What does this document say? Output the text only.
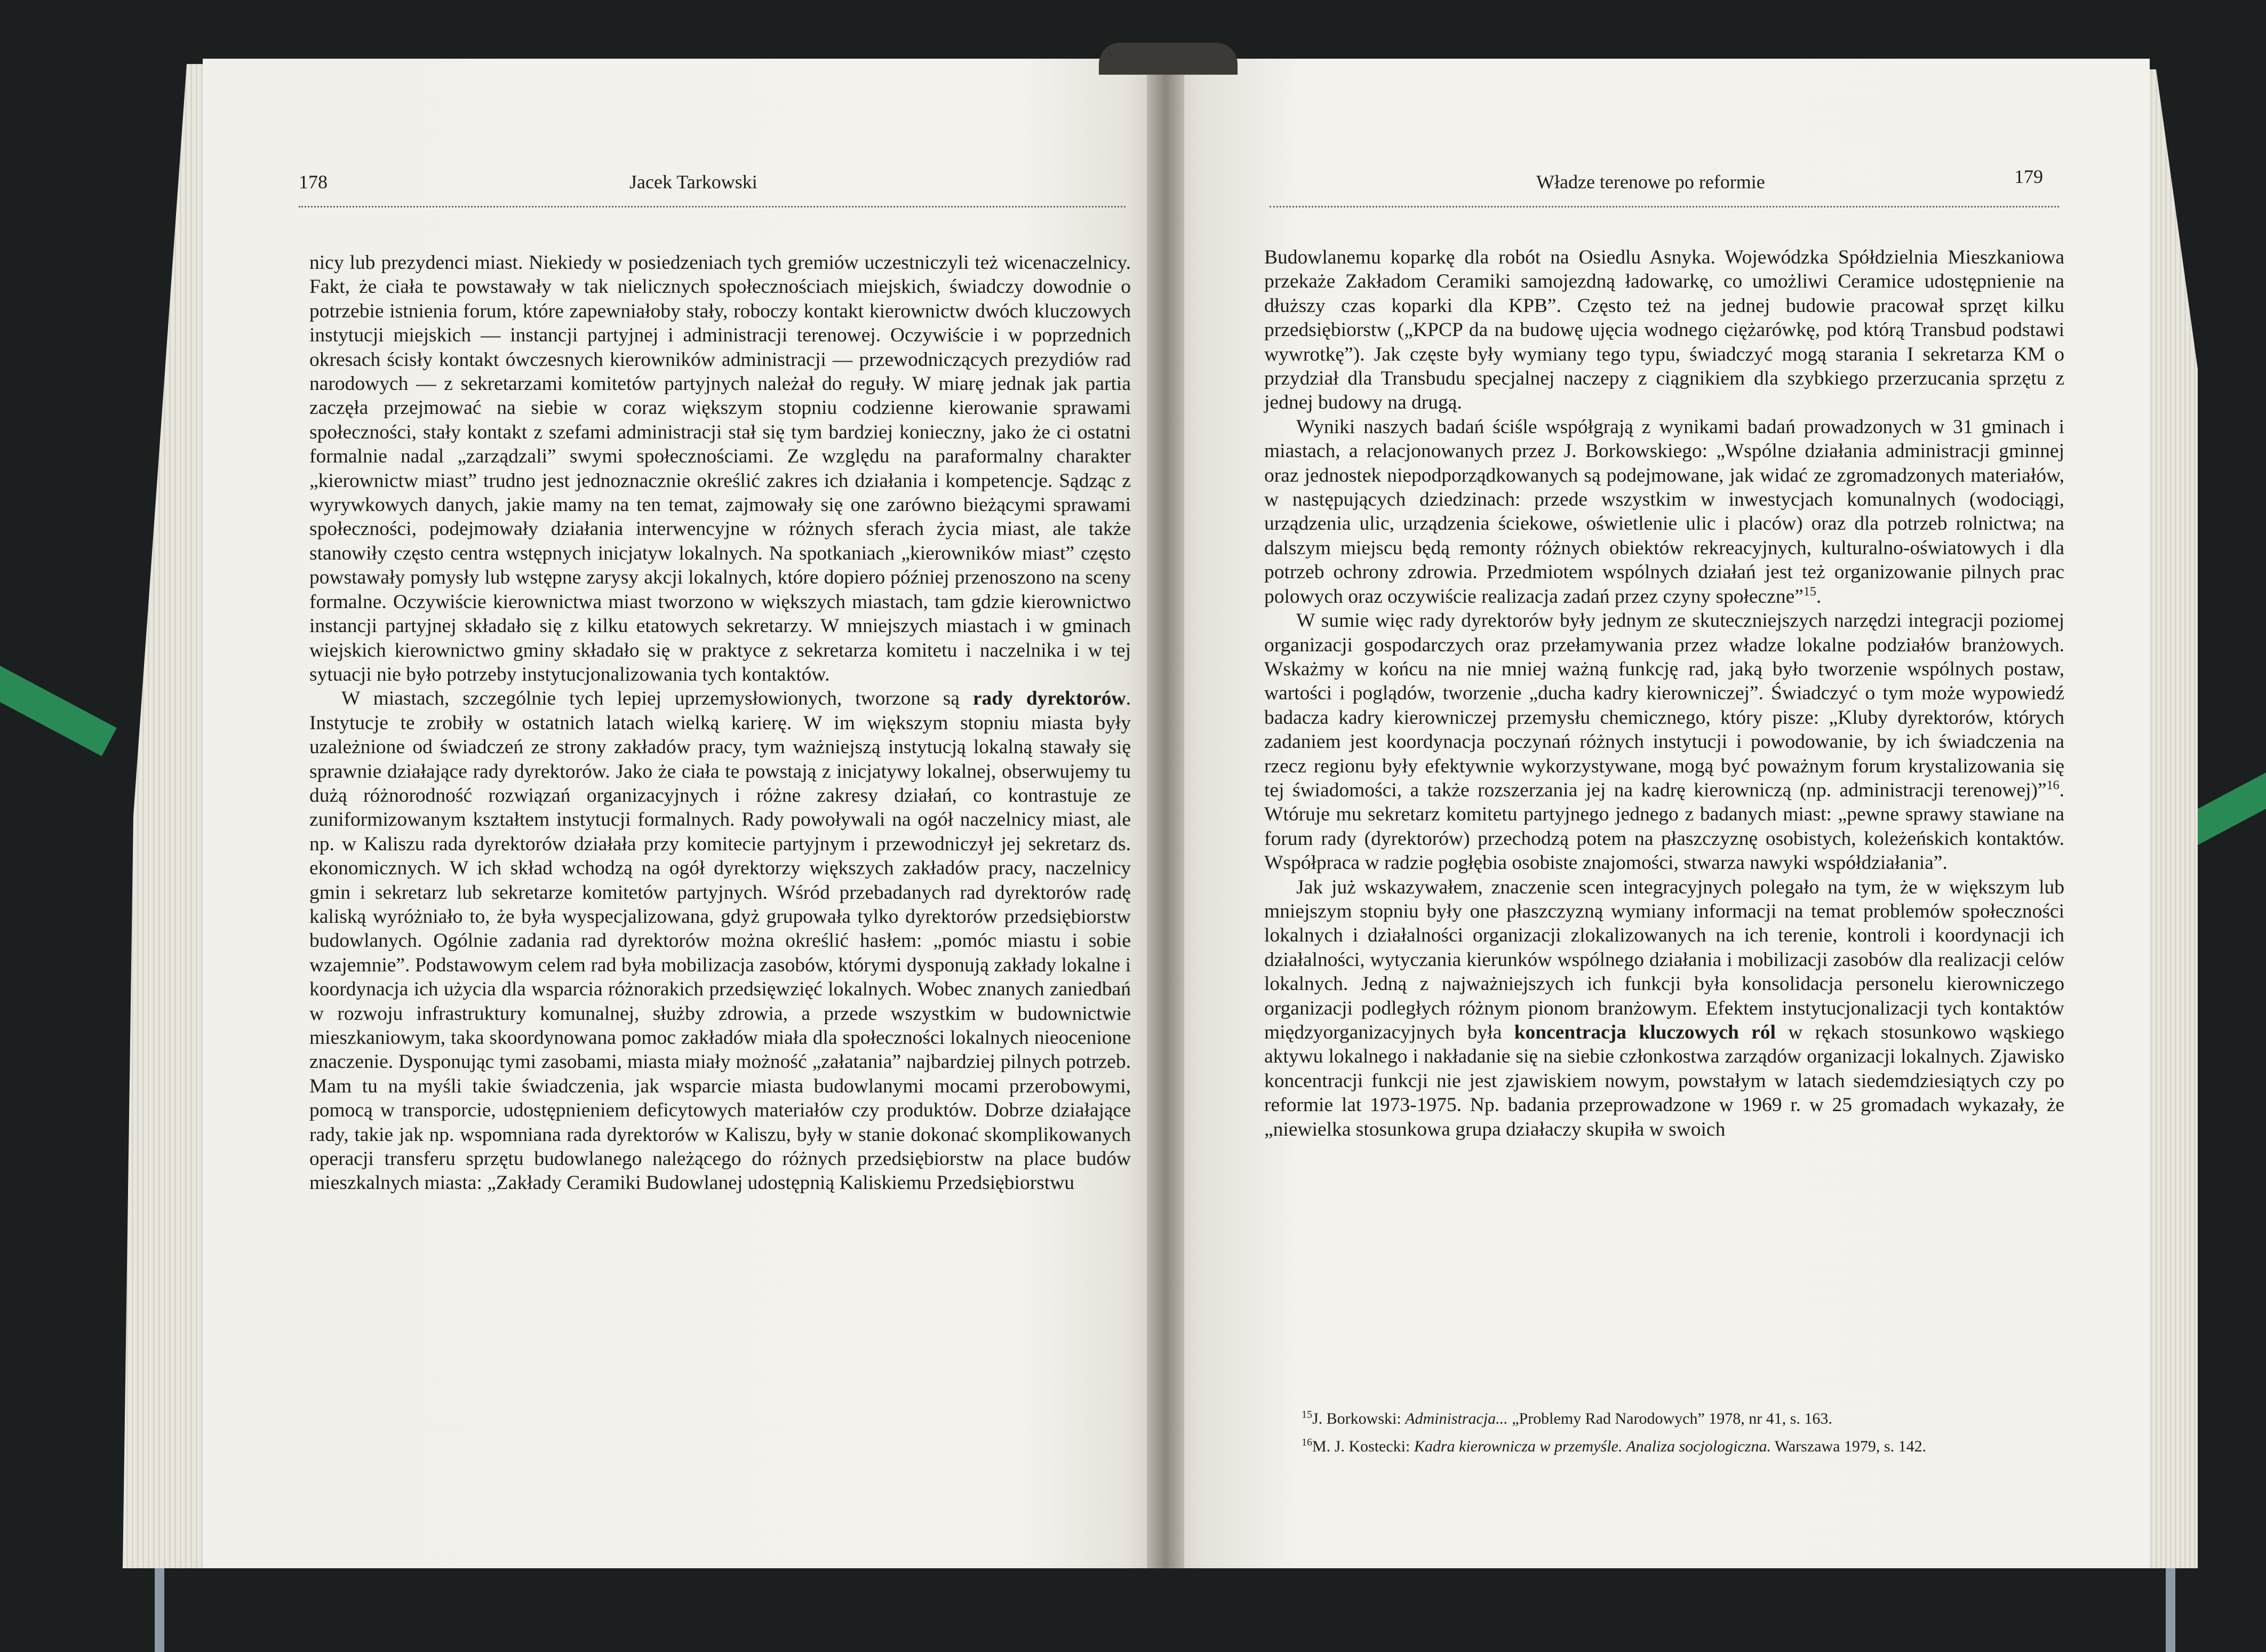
178	Jacek Tarkowski

nicy lub prezydenci miast. Niekiedy w posiedzeniach tych gremiów uczestniczyli też wicenaczelnicy. Fakt, że ciała te powstawały w tak nielicznych społecznościach miejskich, świadczy dowodnie o potrzebie istnienia forum, które zapewniałoby stały, roboczy kontakt kierownictw dwóch kluczowych instytucji miejskich — instancji partyjnej i administracji terenowej. Oczywiście i w poprzednich okresach ścisły kontakt ówczesnych kierowników administracji — przewodniczących prezydiów rad narodowych — z sekretarzami komitetów partyjnych należał do reguły. W miarę jednak jak partia zaczęła przejmować na siebie w coraz większym stopniu codzienne kierowanie sprawami społeczności, stały kontakt z szefami administracji stał się tym bardziej konieczny, jako że ci ostatni formalnie nadal „zarządzali” swymi społecznościami. Ze względu na paraformalny charakter „kierownictw miast” trudno jest jednoznacznie określić zakres ich działania i kompetencje. Sądząc z wyrywkowych danych, jakie mamy na ten temat, zajmowały się one zarówno bieżącymi sprawami społeczności, podejmowały działania interwencyjne w różnych sferach życia miast, ale także stanowiły często centra wstępnych inicjatyw lokalnych. Na spotkaniach „kierowników miast” często powstawały pomysły lub wstępne zarysy akcji lokalnych, które dopiero później przenoszono na sceny formalne. Oczywiście kierownictwa miast tworzono w większych miastach, tam gdzie kierownictwo instancji partyjnej składało się z kilku etatowych sekretarzy. W mniejszych miastach i w gminach wiejskich kierownictwo gminy składało się w praktyce z sekretarza komitetu i naczelnika i w tej sytuacji nie było potrzeby instytucjonalizowania tych kontaktów.

W miastach, szczególnie tych lepiej uprzemysłowionych, tworzone są rady dyrektorów. Instytucje te zrobiły w ostatnich latach wielką karierę. W im większym stopniu miasta były uzależnione od świadczeń ze strony zakładów pracy, tym ważniejszą instytucją lokalną stawały się sprawnie działające rady dyrektorów. Jako że ciała te powstają z inicjatywy lokalnej, obserwujemy tu dużą różnorodność rozwiązań organizacyjnych i różne zakresy działań, co kontrastuje ze zuniformizowanym kształtem instytucji formalnych. Rady powoływali na ogół naczelnicy miast, ale np. w Kaliszu rada dyrektorów działała przy komitecie partyjnym i przewodniczył jej sekretarz ds. ekonomicznych. W ich skład wchodzą na ogół dyrektorzy większych zakładów pracy, naczelnicy gmin i sekretarz lub sekretarze komitetów partyjnych. Wśród przebadanych rad dyrektorów radę kaliską wyróżniało to, że była wyspecjalizowana, gdyż grupowała tylko dyrektorów przedsiębiorstw budowlanych. Ogólnie zadania rad dyrektorów można określić hasłem: „pomóc miastu i sobie wzajemnie”. Podstawowym celem rad była mobilizacja zasobów, którymi dysponują zakłady lokalne i koordynacja ich użycia dla wsparcia różnorakich przedsięwzięć lokalnych. Wobec znanych zaniedbań w rozwoju infrastruktury komunalnej, służby zdrowia, a przede wszystkim w budownictwie mieszkaniowym, taka skoordynowana pomoc zakładów miała dla społeczności lokalnych nieocenione znaczenie. Dysponując tymi zasobami, miasta miały możność „załatania” najbardziej pilnych potrzeb. Mam tu na myśli takie świadczenia, jak wsparcie miasta budowlanymi mocami przerobowymi, pomocą w transporcie, udostępnieniem deficytowych materiałów czy produktów. Dobrze działające rady, takie jak np. wspomniana rada dyrektorów w Kaliszu, były w stanie dokonać skomplikowanych operacji transferu sprzętu budowlanego należącego do różnych przedsiębiorstw na place budów mieszkalnych miasta: „Zakłady Ceramiki Budowlanej udostępnią Kaliskiemu Przedsiębiorstwu

Władze terenowe po reformie	179

Budowlanemu koparkę dla robót na Osiedlu Asnyka. Wojewódzka Spółdzielnia Mieszkaniowa przekaże Zakładom Ceramiki samojezdną ładowarkę, co umożliwi Ceramice udostępnienie na dłuższy czas koparki dla KPB”. Często też na jednej budowie pracował sprzęt kilku przedsiębiorstw („KPCP da na budowę ujęcia wodnego ciężarówkę, pod którą Transbud podstawi wywrotkę”). Jak częste były wymiany tego typu, świadczyć mogą starania I sekretarza KM o przydział dla Transbudu specjalnej naczepy z ciągnikiem dla szybkiego przerzucania sprzętu z jednej budowy na drugą.

Wyniki naszych badań ściśle współgrają z wynikami badań prowadzonych w 31 gminach i miastach, a relacjonowanych przez J. Borkowskiego: „Wspólne działania administracji gminnej oraz jednostek niepodporządkowanych są podejmowane, jak widać ze zgromadzonych materiałów, w następujących dziedzinach: przede wszystkim w inwestycjach komunalnych (wodociągi, urządzenia ulic, urządzenia ściekowe, oświetlenie ulic i placów) oraz dla potrzeb rolnictwa; na dalszym miejscu będą remonty różnych obiektów rekreacyjnych, kulturalno-oświatowych i dla potrzeb ochrony zdrowia. Przedmiotem wspólnych działań jest też organizowanie pilnych prac polowych oraz oczywiście realizacja zadań przez czyny społeczne”$^{15}$.

W sumie więc rady dyrektorów były jednym ze skuteczniejszych narzędzi integracji poziomej organizacji gospodarczych oraz przełamywania przez władze lokalne podziałów branżowych. Wskażmy w końcu na nie mniej ważną funkcję rad, jaką było tworzenie wspólnych postaw, wartości i poglądów, tworzenie „ducha kadry kierowniczej”. Świadczyć o tym może wypowiedź badacza kadry kierowniczej przemysłu chemicznego, który pisze: „Kluby dyrektorów, których zadaniem jest koordynacja poczynań różnych instytucji i powodowanie, by ich świadczenia na rzecz regionu były efektywnie wykorzystywane, mogą być poważnym forum krystalizowania się tej świadomości, a także rozszerzania jej na kadrę kierowniczą (np. administracji terenowej)”$^{16}$. Wtóruje mu sekretarz komitetu partyjnego jednego z badanych miast: „pewne sprawy stawiane na forum rady (dyrektorów) przechodzą potem na płaszczyznę osobistych, koleżeńskich kontaktów. Współpraca w radzie pogłębia osobiste znajomości, stwarza nawyki współdziałania”.

Jak już wskazywałem, znaczenie scen integracyjnych polegało na tym, że w większym lub mniejszym stopniu były one płaszczyzną wymiany informacji na temat problemów społeczności lokalnych i działalności organizacji zlokalizowanych na ich terenie, kontroli i koordynacji ich działalności, wytyczania kierunków wspólnego działania i mobilizacji zasobów dla realizacji celów lokalnych. Jedną z najważniejszych ich funkcji była konsolidacja personelu kierowniczego organizacji podległych różnym pionom branżowym. Efektem instytucjonalizacji tych kontaktów międzyorganizacyjnych była koncentracja kluczowych ról w rękach stosunkowo wąskiego aktywu lokalnego i nakładanie się na siebie członkostwa zarządów organizacji lokalnych. Zjawisko koncentracji funkcji nie jest zjawiskiem nowym, powstałym w latach siedemdziesiątych czy po reformie lat 1973-1975. Np. badania przeprowadzone w 1969 r. w 25 gromadach wykazały, że „niewielka stosunkowa grupa działaczy skupiła w swoich

$^{15}$J. Borkowski: Administracja... „Problemy Rad Narodowych” 1978, nr 41, s. 163.

$^{16}$M. J. Kostecki: Kadra kierownicza w przemyśle. Analiza socjologiczna. Warszawa 1979, s. 142.
